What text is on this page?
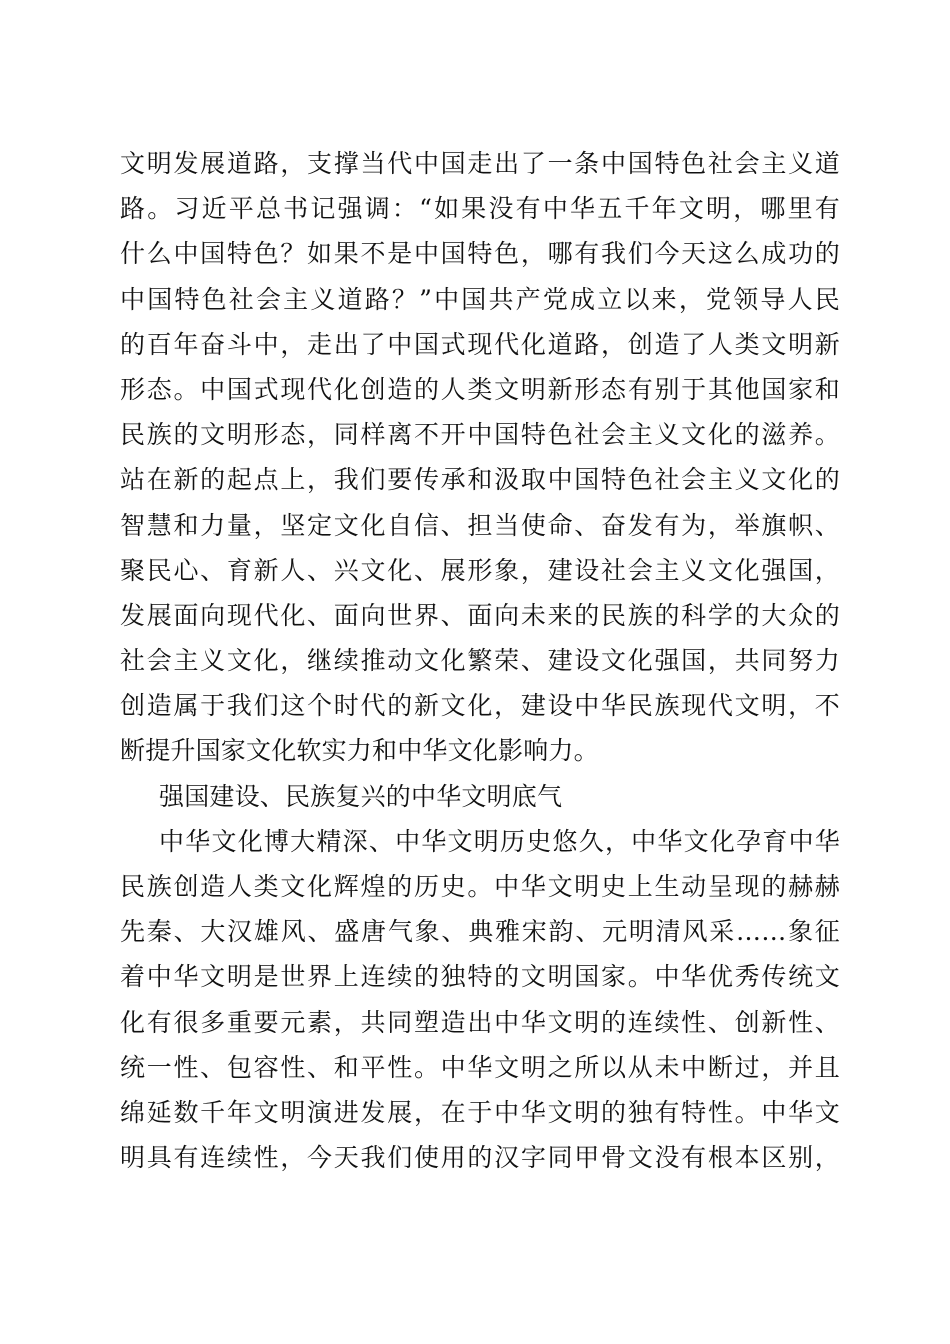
文明发展道路，支撑当代中国走出了一条中国特色社会主义道
路。习近平总书记强调：“如果没有中华五千年文明，哪里有
什么中国特色？如果不是中国特色，哪有我们今天这么成功的
中国特色社会主义道路？”中国共产党成立以来，党领导人民
的百年奋斗中，走出了中国式现代化道路，创造了人类文明新
形态。中国式现代化创造的人类文明新形态有别于其他国家和
民族的文明形态，同样离不开中国特色社会主义文化的滋养。
站在新的起点上，我们要传承和汲取中国特色社会主义文化的
智慧和力量，坚定文化自信、担当使命、奋发有为，举旗帜、
聚民心、育新人、兴文化、展形象，建设社会主义文化强国，
发展面向现代化、面向世界、面向未来的民族的科学的大众的
社会主义文化，继续推动文化繁荣、建设文化强国，共同努力
创造属于我们这个时代的新文化，建设中华民族现代文明，不
断提升国家文化软实力和中华文化影响力。
强国建设、民族复兴的中华文明底气
中华文化博大精深、中华文明历史悠久，中华文化孕育中华
民族创造人类文化辉煌的历史。中华文明史上生动呈现的赫赫
先秦、大汉雄风、盛唐气象、典雅宋韵、元明清风采……象征
着中华文明是世界上连续的独特的文明国家。中华优秀传统文
化有很多重要元素，共同塑造出中华文明的连续性、创新性、
统一性、包容性、和平性。中华文明之所以从未中断过，并且
绵延数千年文明演进发展，在于中华文明的独有特性。中华文
明具有连续性，今天我们使用的汉字同甲骨文没有根本区别，
